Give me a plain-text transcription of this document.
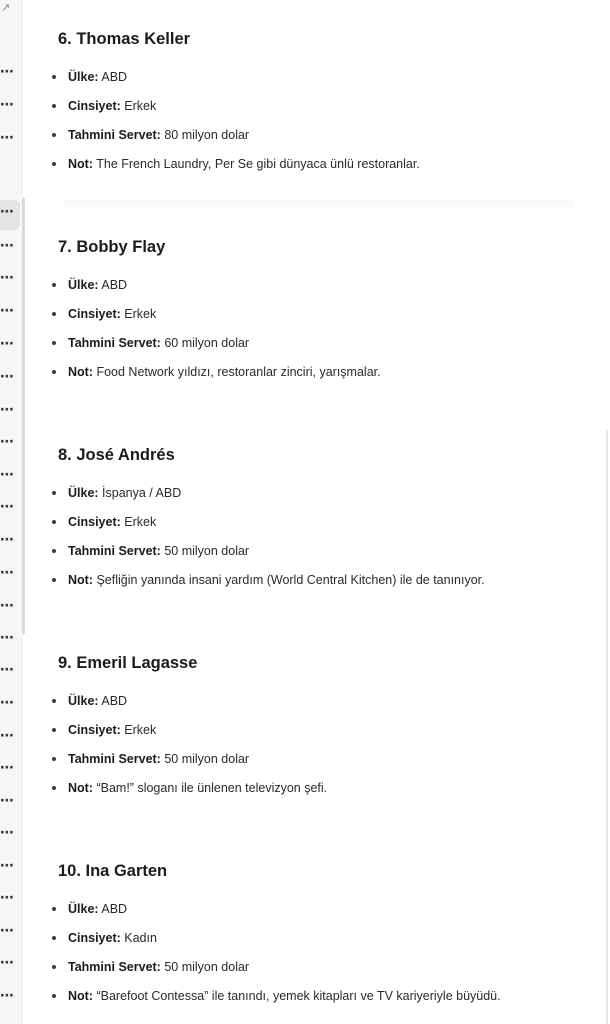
↗
⋯
⋯
⋯
⋯
⋯
⋯
⋯
⋯
⋯
⋯
⋯
⋯
⋯
⋯
⋯
⋯
⋯
⋯
⋯
⋯
⋯
⋯
⋯
⋯
⋯
⋯
⋯
⋯
6. Thomas Keller
Ülke: ABD
Cinsiyet: Erkek
Tahmini Servet: 80 milyon dolar
Not: The French Laundry, Per Se gibi dünyaca ünlü restoranlar.
7. Bobby Flay
Ülke: ABD
Cinsiyet: Erkek
Tahmini Servet: 60 milyon dolar
Not: Food Network yıldızı, restoranlar zinciri, yarışmalar.
8. José Andrés
Ülke: İspanya / ABD
Cinsiyet: Erkek
Tahmini Servet: 50 milyon dolar
Not: Şefliğin yanında insani yardım (World Central Kitchen) ile de tanınıyor.
9. Emeril Lagasse
Ülke: ABD
Cinsiyet: Erkek
Tahmini Servet: 50 milyon dolar
Not: “Bam!” sloganı ile ünlenen televizyon şefi.
10. Ina Garten
Ülke: ABD
Cinsiyet: Kadın
Tahmini Servet: 50 milyon dolar
Not: “Barefoot Contessa” ile tanındı, yemek kitapları ve TV kariyeriyle büyüdü.
